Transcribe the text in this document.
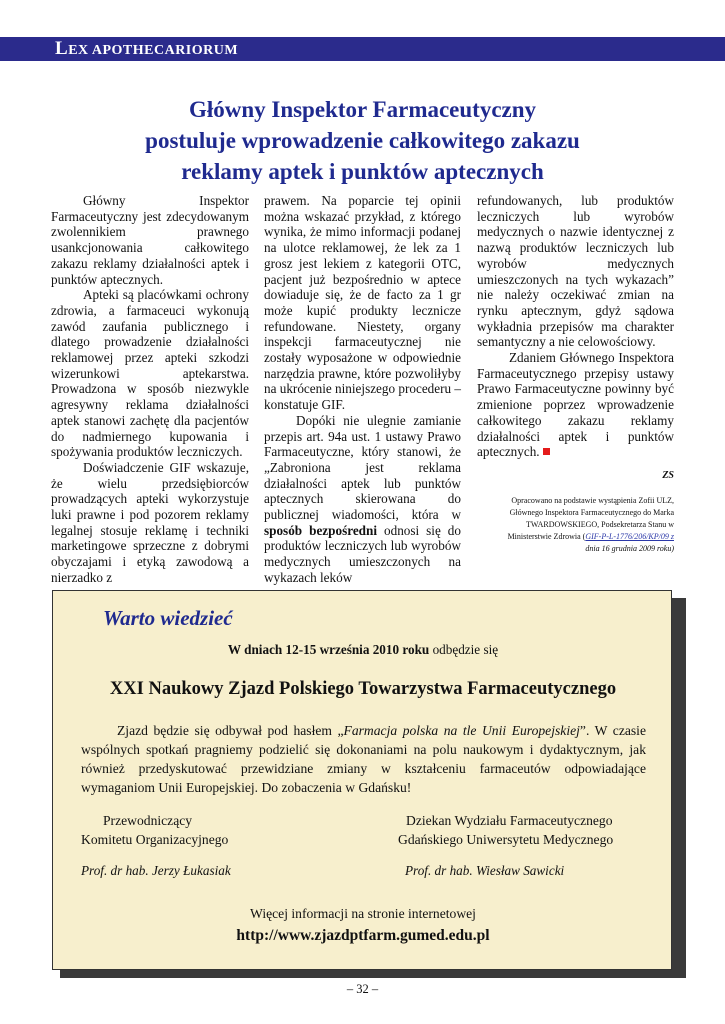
LEX APOTHECARIORUM
Główny Inspektor Farmaceutyczny
postuluje wprowadzenie całkowitego zakazu
reklamy aptek i punktów aptecznych

Główny Inspektor Farmaceutyczny jest zdecydowanym zwolennikiem prawnego usankcjonowania całkowitego zakazu reklamy działalności aptek i punktów aptecznych.

Apteki są placówkami ochrony zdrowia, a farmaceuci wykonują zawód zaufania publicznego i dlatego prowadzenie działalności reklamowej przez apteki szkodzi wizerunkowi aptekarstwa. Prowadzona w sposób niezwykle agresywny reklama działalności aptek stanowi zachętę dla pacjentów do nadmiernego kupowania i spożywania produktów leczniczych.

Doświadczenie GIF wskazuje, że wielu przedsiębiorców prowadzących apteki wykorzystuje luki prawne i pod pozorem reklamy legalnej stosuje reklamę i techniki marketingowe sprzeczne z dobrymi obyczajami i etyką zawodową a nierzadko z

prawem. Na poparcie tej opinii można wskazać przykład, z którego wynika, że mimo informacji podanej na ulotce reklamowej, że lek za 1 grosz jest lekiem z kategorii OTC, pacjent już bezpośrednio w aptece dowiaduje się, że de facto za 1 gr może kupić produkty lecznicze refundowane. Niestety, organy inspekcji farmaceutycznej nie zostały wyposażone w odpowiednie narzędzia prawne, które pozwoliłyby na ukrócenie niniejszego procederu – konstatuje GIF.

Dopóki nie ulegnie zamianie przepis art. 94a ust. 1 ustawy Prawo Farmaceutyczne, który stanowi, że „Zabroniona jest reklama działalności aptek lub punktów aptecznych skierowana do publicznej wiadomości, która w sposób bezpośredni odnosi się do produktów leczniczych lub wyrobów medycznych umieszczonych na wykazach leków

refundowanych, lub produktów leczniczych lub wyrobów medycznych o nazwie identycznej z nazwą produktów leczniczych lub wyrobów medycznych umieszczonych na tych wykazach” nie należy oczekiwać zmian na rynku aptecznym, gdyż sądowa wykładnia przepisów ma charakter semantyczny a nie celowościowy.

Zdaniem Głównego Inspektora Farmaceutycznego przepisy ustawy Prawo Farmaceutyczne powinny być zmienione poprzez wprowadzenie całkowitego zakazu reklamy działalności aptek i punktów aptecznych.

ZS
Opracowano na podstawie wystąpienia Zofii ULZ,
Głównego Inspektora Farmaceutycznego do Marka
TWARDOWSKIEGO, Podsekretarza Stanu w
Ministerstwie Zdrowia (GIF-P-L-1776/206/KP/09 z
dnia 16 grudnia 2009 roku)
Warto wiedzieć
W dniach 12-15 września 2010 roku odbędzie się
XXI Naukowy Zjazd Polskiego Towarzystwa Farmaceutycznego

Zjazd będzie się odbywał pod hasłem „Farmacja polska na tle Unii Europejskiej”. W czasie wspólnych spotkań pragniemy podzielić się dokonaniami na polu naukowym i dydaktycznym, jak również przedyskutować przewidziane zmiany w kształceniu farmaceutów odpowiadające wymaganiom Unii Europejskiej. Do zobaczenia w Gdańsku!

Przewodniczący
Komitetu Organizacyjnego
Dziekan Wydziału Farmaceutycznego
Gdańskiego Uniwersytetu Medycznego
Prof. dr hab. Jerzy Łukasiak	Prof. dr hab. Wiesław Sawicki
Więcej informacji na stronie internetowej
http://www.zjazdptfarm.gumed.edu.pl
– 32 –
